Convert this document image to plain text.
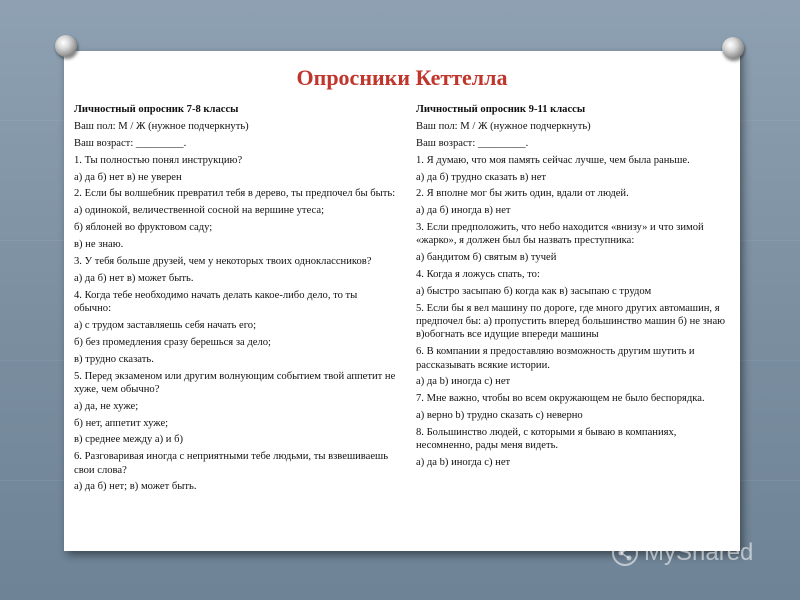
Опросники Кеттелла
Личностный опросник 7-8 классы
Ваш пол: М / Ж (нужное подчеркнуть)
Ваш возраст: _________.
1. Ты полностью понял инструкцию?
а) да б) нет в) не уверен
2. Если бы волшебник превратил тебя в дерево, ты предпочел бы быть:
а) одинокой, величественной сосной на вершине утеса;
б) яблоней во фруктовом саду;
в) не знаю.
3. У тебя больше друзей, чем у некоторых твоих одноклассников?
а) да б) нет в) может быть.
4. Когда тебе необходимо начать делать какое-либо дело, то ты обычно:
а) с трудом заставляешь себя начать его;
б) без промедления сразу берешься за дело;
в) трудно сказать.
5. Перед экзаменом или другим волнующим событием твой аппетит не хуже, чем обычно?
а) да, не хуже;
б) нет, аппетит хуже;
в) среднее между а) и б)
6. Разговаривая иногда с неприятными тебе людьми, ты взвешиваешь свои слова?
а) да б) нет; в) может быть.
Личностный опросник 9-11 классы
Ваш пол: М / Ж (нужное подчеркнуть)
Ваш возраст: _________.
1. Я думаю, что моя память сейчас лучше, чем была раньше.
а) да б) трудно сказать в) нет
2. Я вполне мог бы жить один, вдали от людей.
а) да б) иногда в) нет
3. Если предположить, что небо находится «внизу» и что зимой «жарко», я должен был бы назвать преступника:
а) бандитом б) святым в) тучей
4. Когда я ложусь спать, то:
а) быстро засыпаю б) когда как в) засыпаю с трудом
5. Если бы я вел машину по дороге, где много других автомашин, я предпочел бы: а) пропустить вперед большинство машин б) не знаю в)обогнать все идущие впереди машины
6. В компании я предоставляю возможность другим шутить и рассказывать всякие истории.
а) да b) иногда с) нет
7. Мне важно, чтобы во всем окружающем не было беспорядка.
а) верно b) трудно сказать с) неверно
8. Большинство людей, с которыми я бываю в компаниях, несомненно, рады меня видеть.
а) да b) иногда с) нет
MyShared
